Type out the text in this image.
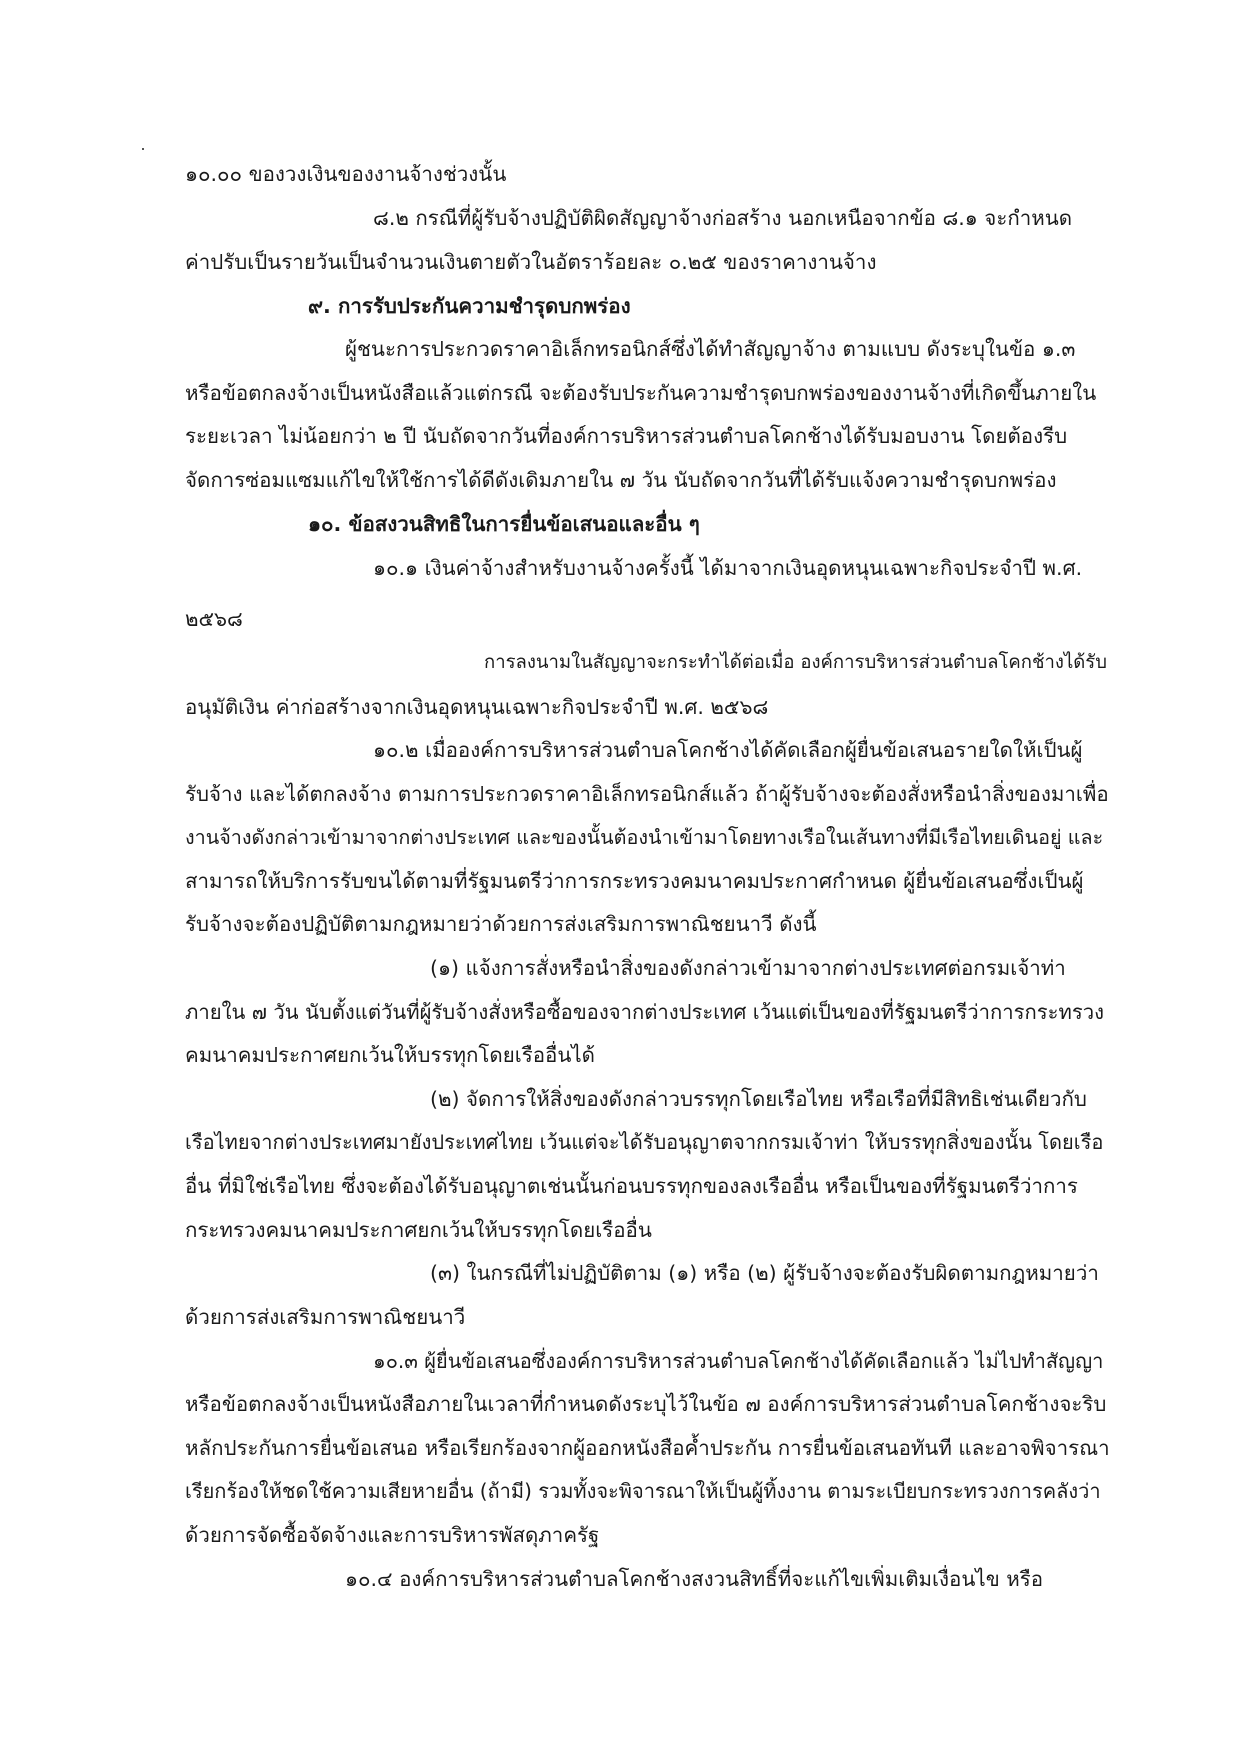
๑๐.๐๐ ของวงเงินของงานจ้างช่วงนั้น
๘.๒ กรณีที่ผู้รับจ้างปฏิบัติผิดสัญญาจ้างก่อสร้าง นอกเหนือจากข้อ ๘.๑ จะกำหนด
ค่าปรับเป็นรายวันเป็นจำนวนเงินตายตัวในอัตราร้อยละ ๐.๒๕ ของราคางานจ้าง
๙. การรับประกันความชำรุดบกพร่อง
ผู้ชนะการประกวดราคาอิเล็กทรอนิกส์ซึ่งได้ทำสัญญาจ้าง ตามแบบ ดังระบุในข้อ ๑.๓
หรือข้อตกลงจ้างเป็นหนังสือแล้วแต่กรณี จะต้องรับประกันความชำรุดบกพร่องของงานจ้างที่เกิดขึ้นภายใน
ระยะเวลา ไม่น้อยกว่า ๒ ปี นับถัดจากวันที่องค์การบริหารส่วนตำบลโคกช้างได้รับมอบงาน โดยต้องรีบ
จัดการซ่อมแซมแก้ไขให้ใช้การได้ดีดังเดิมภายใน ๗ วัน นับถัดจากวันที่ได้รับแจ้งความชำรุดบกพร่อง
๑๐. ข้อสงวนสิทธิในการยื่นข้อเสนอและอื่น ๆ
๑๐.๑ เงินค่าจ้างสำหรับงานจ้างครั้งนี้ ได้มาจากเงินอุดหนุนเฉพาะกิจประจำปี พ.ศ.
๒๕๖๘
การลงนามในสัญญาจะกระทำได้ต่อเมื่อ องค์การบริหารส่วนตำบลโคกช้างได้รับ
อนุมัติเงิน ค่าก่อสร้างจากเงินอุดหนุนเฉพาะกิจประจำปี พ.ศ. ๒๕๖๘
๑๐.๒ เมื่อองค์การบริหารส่วนตำบลโคกช้างได้คัดเลือกผู้ยื่นข้อเสนอรายใดให้เป็นผู้
รับจ้าง และได้ตกลงจ้าง ตามการประกวดราคาอิเล็กทรอนิกส์แล้ว ถ้าผู้รับจ้างจะต้องสั่งหรือนำสิ่งของมาเพื่อ
งานจ้างดังกล่าวเข้ามาจากต่างประเทศ และของนั้นต้องนำเข้ามาโดยทางเรือในเส้นทางที่มีเรือไทยเดินอยู่ และ
สามารถให้บริการรับขนได้ตามที่รัฐมนตรีว่าการกระทรวงคมนาคมประกาศกำหนด ผู้ยื่นข้อเสนอซึ่งเป็นผู้
รับจ้างจะต้องปฏิบัติตามกฎหมายว่าด้วยการส่งเสริมการพาณิชยนาวี ดังนี้
(๑) แจ้งการสั่งหรือนำสิ่งของดังกล่าวเข้ามาจากต่างประเทศต่อกรมเจ้าท่า
ภายใน ๗ วัน นับตั้งแต่วันที่ผู้รับจ้างสั่งหรือซื้อของจากต่างประเทศ เว้นแต่เป็นของที่รัฐมนตรีว่าการกระทรวง
คมนาคมประกาศยกเว้นให้บรรทุกโดยเรืออื่นได้
(๒) จัดการให้สิ่งของดังกล่าวบรรทุกโดยเรือไทย หรือเรือที่มีสิทธิเช่นเดียวกับ
เรือไทยจากต่างประเทศมายังประเทศไทย เว้นแต่จะได้รับอนุญาตจากกรมเจ้าท่า ให้บรรทุกสิ่งของนั้น โดยเรือ
อื่น ที่มิใช่เรือไทย ซึ่งจะต้องได้รับอนุญาตเช่นนั้นก่อนบรรทุกของลงเรืออื่น หรือเป็นของที่รัฐมนตรีว่าการ
กระทรวงคมนาคมประกาศยกเว้นให้บรรทุกโดยเรืออื่น
(๓) ในกรณีที่ไม่ปฏิบัติตาม (๑) หรือ (๒) ผู้รับจ้างจะต้องรับผิดตามกฎหมายว่า
ด้วยการส่งเสริมการพาณิชยนาวี
๑๐.๓ ผู้ยื่นข้อเสนอซึ่งองค์การบริหารส่วนตำบลโคกช้างได้คัดเลือกแล้ว ไม่ไปทำสัญญา
หรือข้อตกลงจ้างเป็นหนังสือภายในเวลาที่กำหนดดังระบุไว้ในข้อ ๗ องค์การบริหารส่วนตำบลโคกช้างจะริบ
หลักประกันการยื่นข้อเสนอ หรือเรียกร้องจากผู้ออกหนังสือค้ำประกัน การยื่นข้อเสนอทันที และอาจพิจารณา
เรียกร้องให้ชดใช้ความเสียหายอื่น (ถ้ามี) รวมทั้งจะพิจารณาให้เป็นผู้ทิ้งงาน ตามระเบียบกระทรวงการคลังว่า
ด้วยการจัดซื้อจัดจ้างและการบริหารพัสดุภาครัฐ
๑๐.๔ องค์การบริหารส่วนตำบลโคกช้างสงวนสิทธิ์ที่จะแก้ไขเพิ่มเติมเงื่อนไข หรือ
